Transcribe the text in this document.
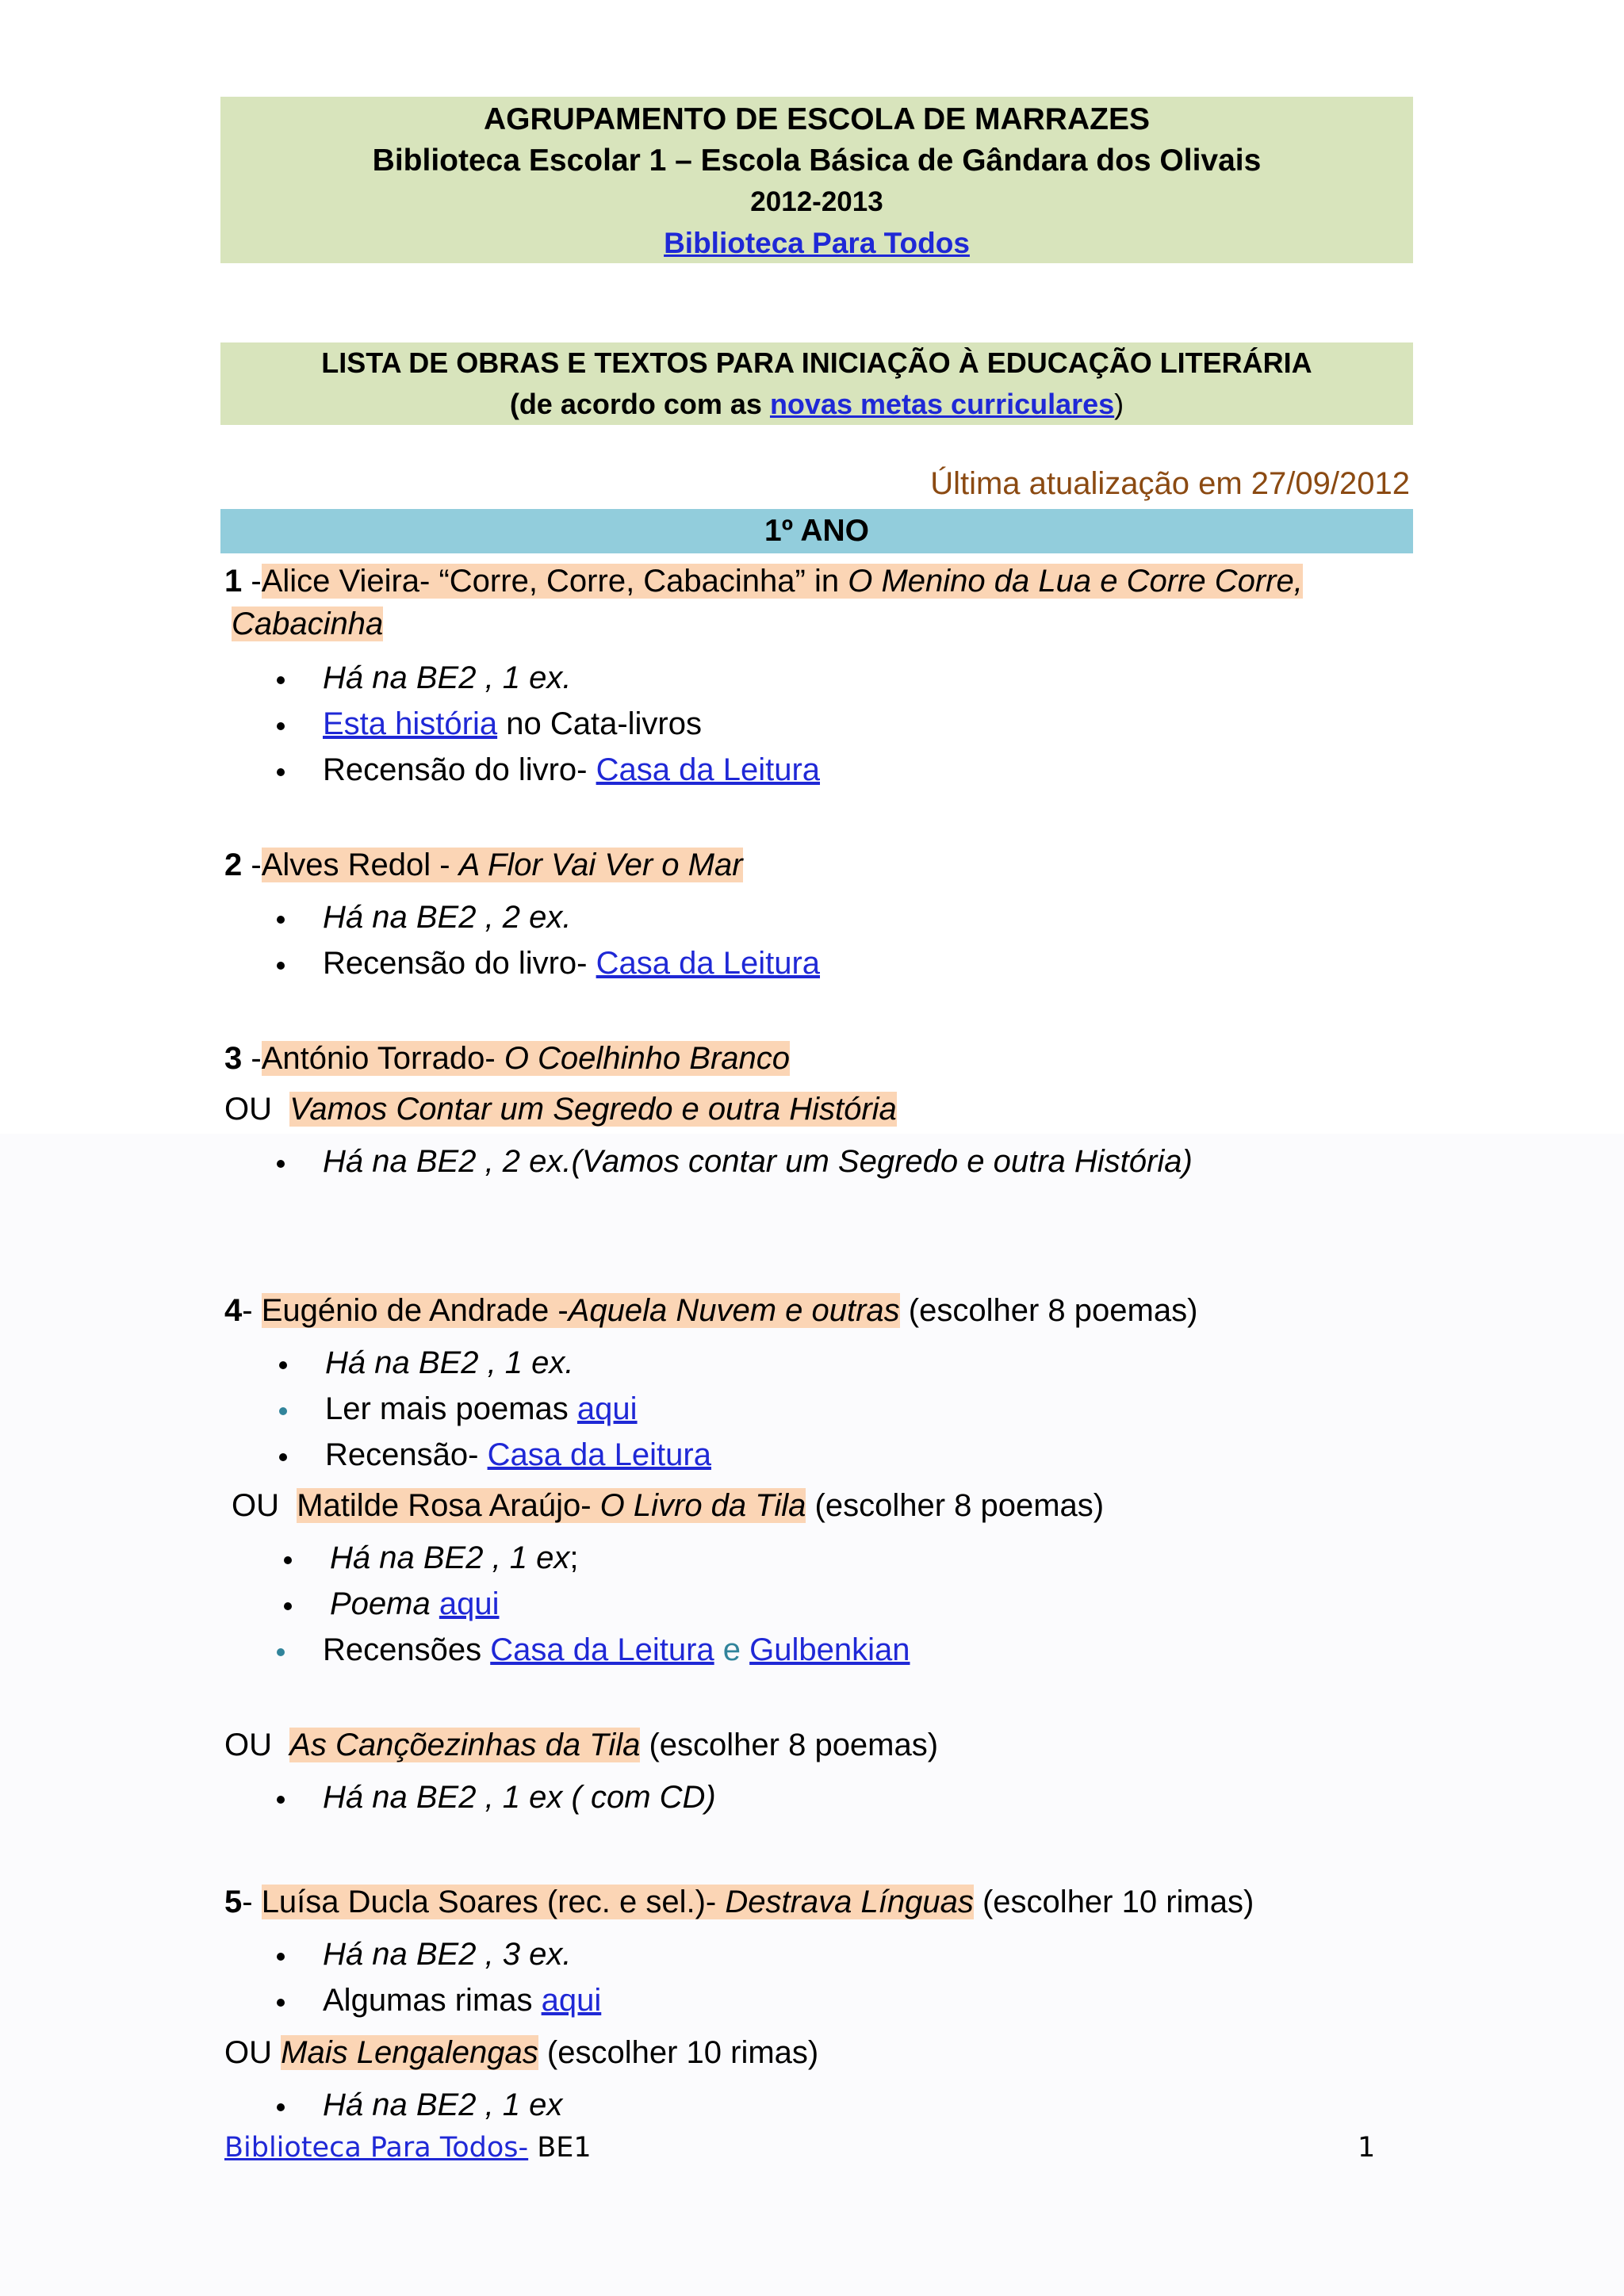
AGRUPAMENTO DE ESCOLA DE MARRAZES
Biblioteca Escolar 1 – Escola Básica de Gândara dos Olivais
2012-2013
Biblioteca Para Todos
LISTA DE OBRAS E TEXTOS PARA INICIAÇÃO À EDUCAÇÃO LITERÁRIA
(de acordo com as novas metas curriculares)
Última atualização em 27/09/2012
1º ANO
1 -Alice Vieira- “Corre, Corre, Cabacinha” in O Menino da Lua e Corre Corre,
Cabacinha
Há na BE2 , 1 ex.
Esta história no Cata-livros
Recensão do livro- Casa da Leitura
2 -Alves Redol - A Flor Vai Ver o Mar
Há na BE2 , 2 ex.
Recensão do livro- Casa da Leitura
3 -António Torrado- O Coelhinho Branco
OU Vamos Contar um Segredo e outra História
Há na BE2 , 2 ex.(Vamos contar um Segredo e outra História)
4- Eugénio de Andrade -Aquela Nuvem e outras (escolher 8 poemas)
Há na BE2 , 1 ex.
Ler mais poemas aqui
Recensão- Casa da Leitura
OU Matilde Rosa Araújo- O Livro da Tila (escolher 8 poemas)
Há na BE2 , 1 ex;
Poema aqui
Recensões Casa da Leitura e Gulbenkian
OU As Cançõezinhas da Tila (escolher 8 poemas)
Há na BE2 , 1 ex ( com CD)
5- Luísa Ducla Soares (rec. e sel.)- Destrava Línguas (escolher 10 rimas)
Há na BE2 , 3 ex.
Algumas rimas aqui
OU Mais Lengalengas (escolher 10 rimas)
Há na BE2 , 1 ex
Biblioteca Para Todos- BE1	1
